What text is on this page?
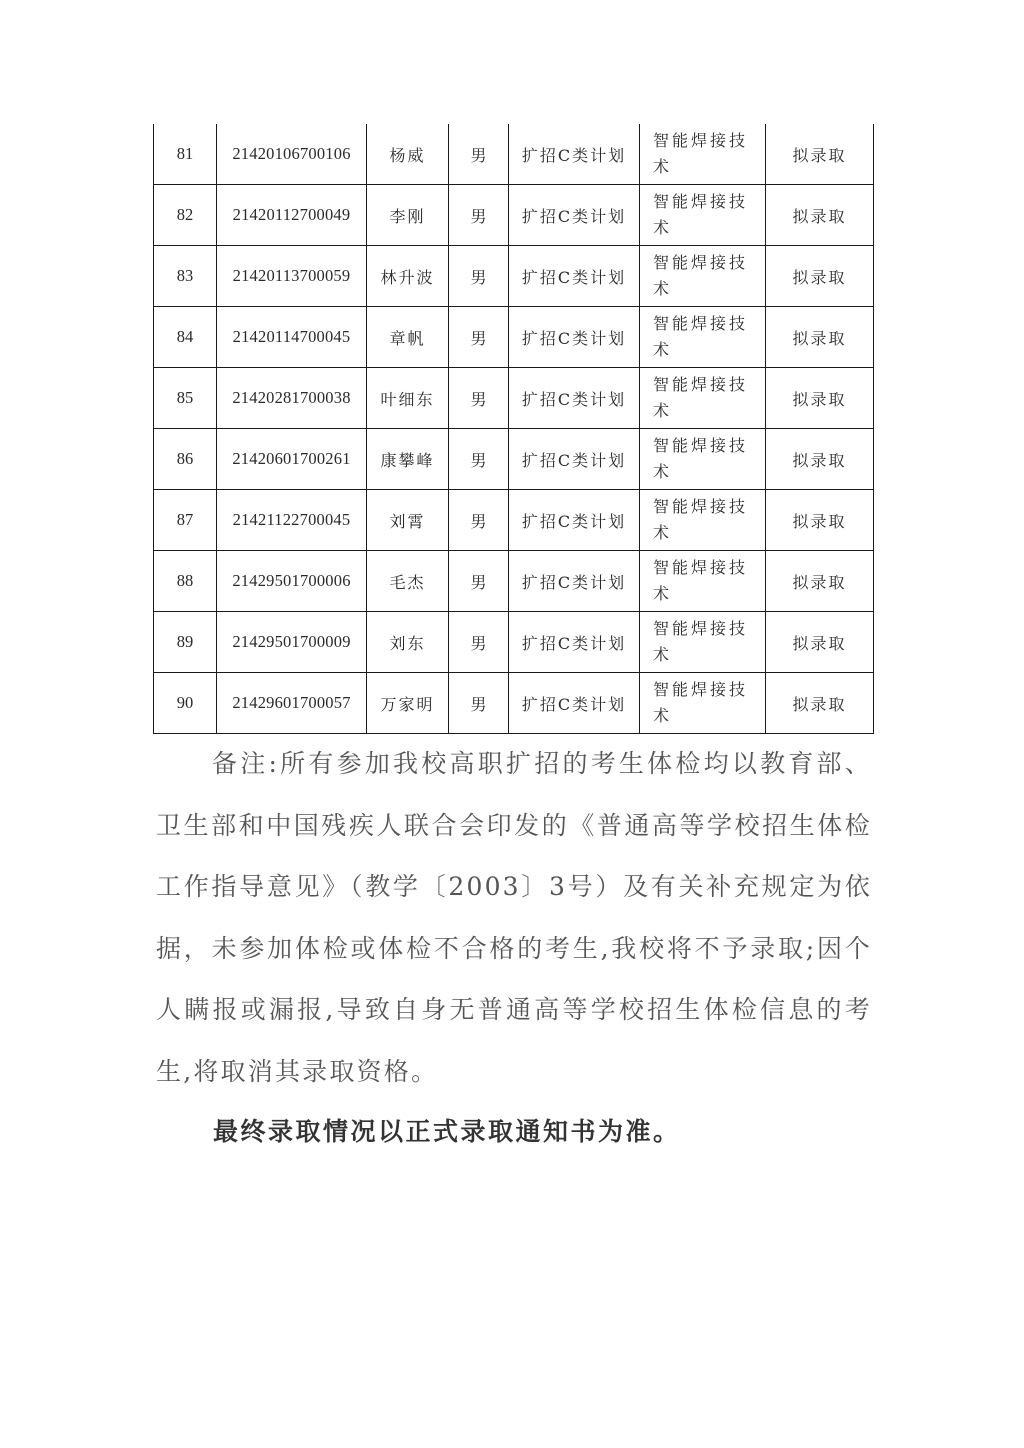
81	21420106700106	杨威	男	扩招C类计划	智能焊接技术	拟录取
82	21420112700049	李刚	男	扩招C类计划	智能焊接技术	拟录取
83	21420113700059	林升波	男	扩招C类计划	智能焊接技术	拟录取
84	21420114700045	章帆	男	扩招C类计划	智能焊接技术	拟录取
85	21420281700038	叶细东	男	扩招C类计划	智能焊接技术	拟录取
86	21420601700261	康攀峰	男	扩招C类计划	智能焊接技术	拟录取
87	21421122700045	刘霄	男	扩招C类计划	智能焊接技术	拟录取
88	21429501700006	毛杰	男	扩招C类计划	智能焊接技术	拟录取
89	21429501700009	刘东	男	扩招C类计划	智能焊接技术	拟录取
90	21429601700057	万家明	男	扩招C类计划	智能焊接技术	拟录取

备注:所有参加我校高职扩招的考生体检均以教育部、卫生部和中国残疾人联合会印发的《普通高等学校招生体检工作指导意见》（教学〔2003〕3号）及有关补充规定为依据，未参加体检或体检不合格的考生,我校将不予录取;因个人瞒报或漏报,导致自身无普通高等学校招生体检信息的考生,将取消其录取资格。

最终录取情况以正式录取通知书为准。
